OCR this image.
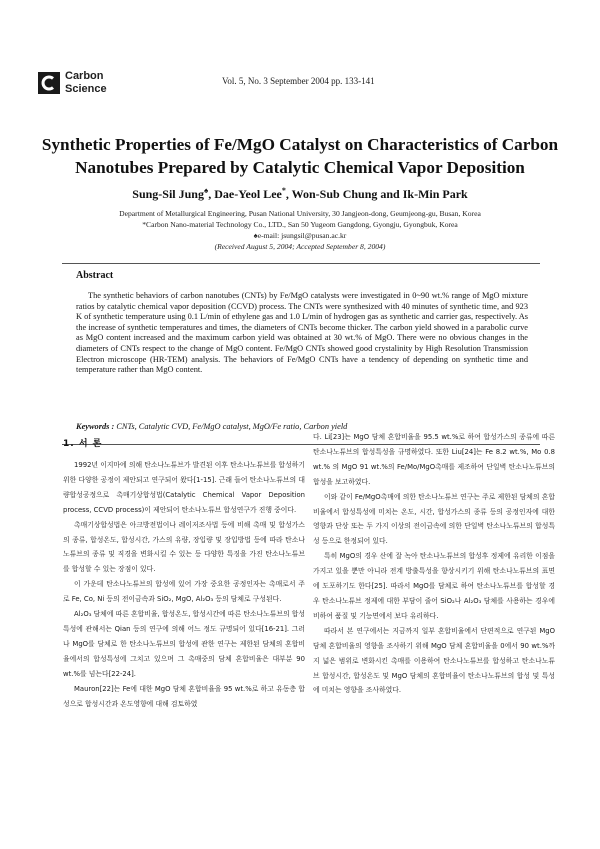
Carbon
Science
Vol. 5, No. 3 September 2004 pp. 133-141
Synthetic Properties of Fe/MgO Catalyst on Characteristics of Carbon
Nanotubes Prepared by Catalytic Chemical Vapor Deposition
Sung-Sil Jung♠, Dae-Yeol Lee*, Won-Sub Chung and Ik-Min Park
Department of Metallurgical Engineering, Pusan National University, 30 Jangjeon-dong, Geumjeong-gu, Busan, Korea
*Carbon Nano-material Technology Co., LTD., San 50 Yugeom Gangdong, Gyongju, Gyongbuk, Korea
♠e-mail: jsungsil@pusan.ac.kr
(Received August 5, 2004; Accepted September 8, 2004)
Abstract
The synthetic behaviors of carbon nanotubes (CNTs) by Fe/MgO catalysts were investigated in 0~90 wt.% range of MgO mixture ratios by catalytic chemical vapor deposition (CCVD) process. The CNTs were synthesized with 40 minutes of synthetic time, and 923 K of synthetic temperature using 0.1 L/min of ethylene gas and 1.0 L/min of hydrogen gas as synthetic and carrier gas, respectively. As the increase of synthetic temperatures and times, the diameters of CNTs become thicker. The carbon yield showed in a parabolic curve as MgO content increased and the maximum carbon yield was obtained at 30 wt.% of MgO. There were no obvious changes in the diameters of CNTs respect to the change of MgO content. Fe/MgO CNTs showed good crystalinity by High Resolution Transmission Electron microscope (HR-TEM) analysis. The behaviors of Fe/MgO CNTs have a tendency of depending on synthetic time and temperature rather than MgO content.
Keywords : CNTs, Catalytic CVD, Fe/MgO catalyst, MgO/Fe ratio, Carbon yield
1. 서 론

1992년 이지마에 의해 탄소나노튜브가 발견된 이후 탄소나노튜브를 합성하기 위한 다양한 공정이 제안되고 연구되어 왔다[1-15]. 근래 들어 탄소나노튜브의 대량합성공정으로 촉매기상합성법(Catalytic Chemical Vapor Deposition process, CCVD process)이 제안되어 탄소나노튜브 합성연구가 진행 중이다.

촉매기상합성법은 아크방전법이나 레이저조사법 등에 비해 촉매 및 합성가스의 종류, 합성온도, 합성시간, 가스의 유량, 장입량 및 장입방법 등에 따라 탄소나노튜브의 종류 및 직경을 변화시킬 수 있는 등 다양한 특징을 가진 탄소나노튜브를 합성할 수 있는 장점이 있다.

이 가운데 탄소나노튜브의 합성에 있어 가장 중요한 공정인자는 촉매로서 주로 Fe, Co, Ni 등의 전이금속과 SiO₂, MgO, Al₂O₃ 등의 담체로 구성된다.

Al₂O₃ 담체에 따른 혼합비율, 합성온도, 합성시간에 따른 탄소나노튜브의 합성특성에 관해서는 Qian 등의 연구에 의해 어느 정도 규명되어 있다[16-21]. 그러나 MgO를 담체로 한 탄소나노튜브의 합성에 관한 연구는 제한된 담체의 혼합비율에서의 합성특성에 그치고 있으며 그 촉매중의 담체 혼합비율은 대부분 90 wt.%를 넘는다[22-24].

Mauron[22]는 Fe에 대한 MgO 담체 혼합비율을 95 wt.%로 하고 유동층 합성으로 합성시간과 온도영향에 대해 검토하였

다. Li[23]는 MgO 담체 혼합비율을 95.5 wt.%로 하여 합성가스의 종류에 따른 탄소나노튜브의 합성특성을 규명하였다. 또한 Liu[24]는 Fe 8.2 wt.%, Mo 0.8 wt.% 의 MgO 91 wt.%의 Fe/Mo/MgO촉매를 제조하여 단일벽 탄소나노튜브의 합성을 보고하였다.

이와 같이 Fe/MgO촉매에 의한 탄소나노튜브 연구는 주로 제한된 담체의 혼합비율에서 합성특성에 미치는 온도, 시간, 합성가스의 종류 등의 공정인자에 대한 영향과 단상 또는 두 가지 이상의 전이금속에 의한 단일벽 탄소나노튜브의 합성특성 등으로 한정되어 있다.

특히 MgO의 경우 산에 잘 녹아 탄소나노튜브의 합성후 정제에 유리한 이점을 가지고 있을 뿐만 아니라 전계 방출특성을 향상시키기 위해 탄소나노튜브의 표면에 도포하기도 한다[25]. 따라서 MgO를 담체로 하여 탄소나노튜브를 합성할 경우 탄소나노튜브 정제에 대한 부담이 줄어 SiO₂나 Al₂O₃ 담체를 사용하는 경우에 비하여 품질 및 기능면에서 보다 유리하다.

따라서 본 연구에서는 지금까지 일부 혼합비율에서 단편적으로 연구된 MgO 담체 혼합비율의 영향을 조사하기 위해 MgO 담체 혼합비율을 0에서 90 wt.%까지 넓은 범위로 변화시킨 촉매를 이용하여 탄소나노튜브를 합성하고 탄소나노튜브 합성시간, 합성온도 및 MgO 담체의 혼합비율이 탄소나노튜브의 합성 및 특성에 미치는 영향을 조사하였다.
